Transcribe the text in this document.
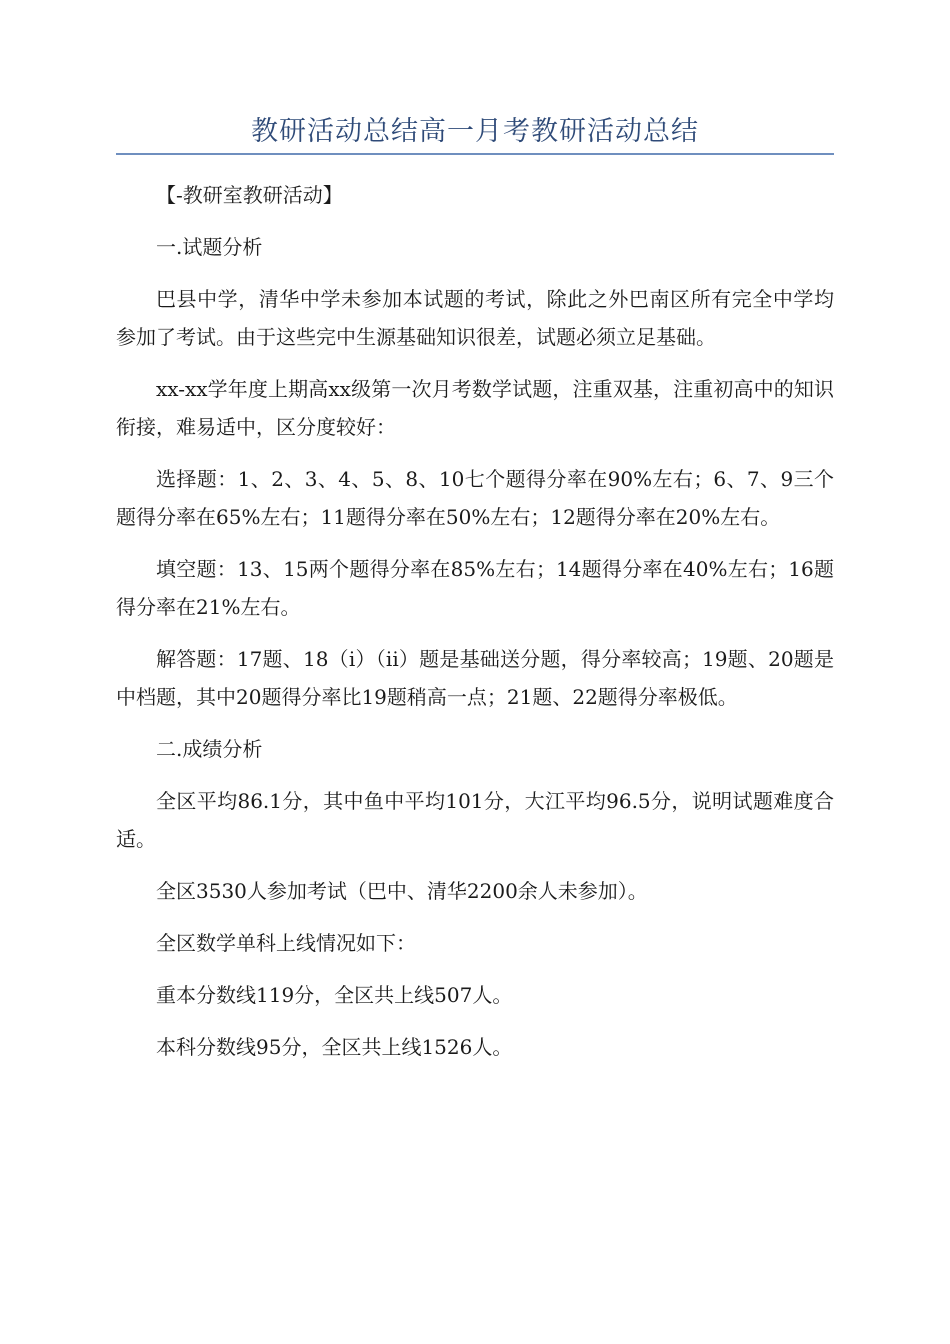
教研活动总结高一月考教研活动总结

【-教研室教研活动】

一.试题分析

巴县中学，清华中学未参加本试题的考试，除此之外巴南区所有完全中学均参加了考试。由于这些完中生源基础知识很差，试题必须立足基础。

xx-xx学年度上期高xx级第一次月考数学试题，注重双基，注重初高中的知识衔接，难易适中，区分度较好：

选择题：1、2、3、4、5、8、10七个题得分率在90%左右；6、7、9三个题得分率在65%左右；11题得分率在50%左右；12题得分率在20%左右。

填空题：13、15两个题得分率在85%左右；14题得分率在40%左右；16题得分率在21%左右。

解答题：17题、18（i）（ii）题是基础送分题，得分率较高；19题、20题是中档题，其中20题得分率比19题稍高一点；21题、22题得分率极低。

二.成绩分析

全区平均86.1分，其中鱼中平均101分，大江平均96.5分，说明试题难度合适。

全区3530人参加考试（巴中、清华2200余人未参加）。

全区数学单科上线情况如下：

重本分数线119分，全区共上线507人。

本科分数线95分，全区共上线1526人。
